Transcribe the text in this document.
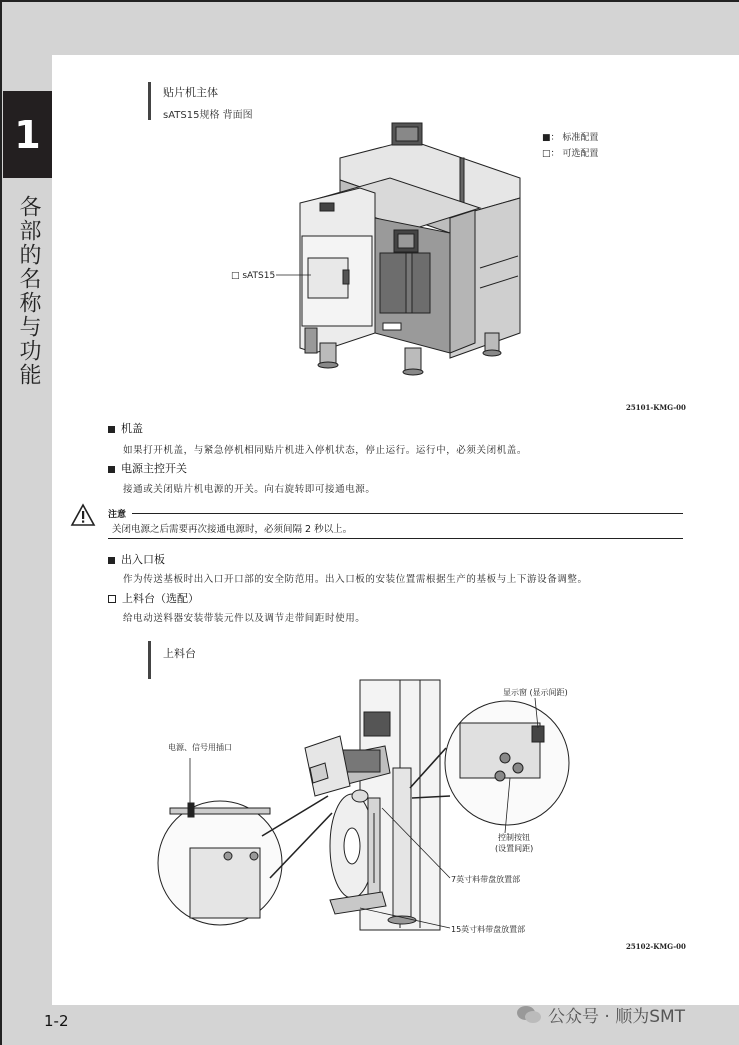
1
各部的名称与功能
贴片机主体
sATS15规格 背面图
■： 标准配置
□： 可选配置
□ sATS15
25101-KMG-00
机盖
如果打开机盖，与紧急停机相同贴片机进入停机状态，停止运行。运行中，必须关闭机盖。
电源主控开关
接通或关闭贴片机电源的开关。向右旋转即可接通电源。
注意
关闭电源之后需要再次接通电源时，必须间隔 2 秒以上。
出入口板
作为传送基板时出入口开口部的安全防范用。出入口板的安装位置需根据生产的基板与上下游设备调整。
上料台（选配）
给电动送料器安装带装元件以及调节走带间距时使用。
上料台
显示窗 (显示间距)
电源、信号用插口
控制按钮
(设置间距)
7英寸料带盘放置部
15英寸料带盘放置部
25102-KMG-00
1-2	公众号 · 顺为SMT
